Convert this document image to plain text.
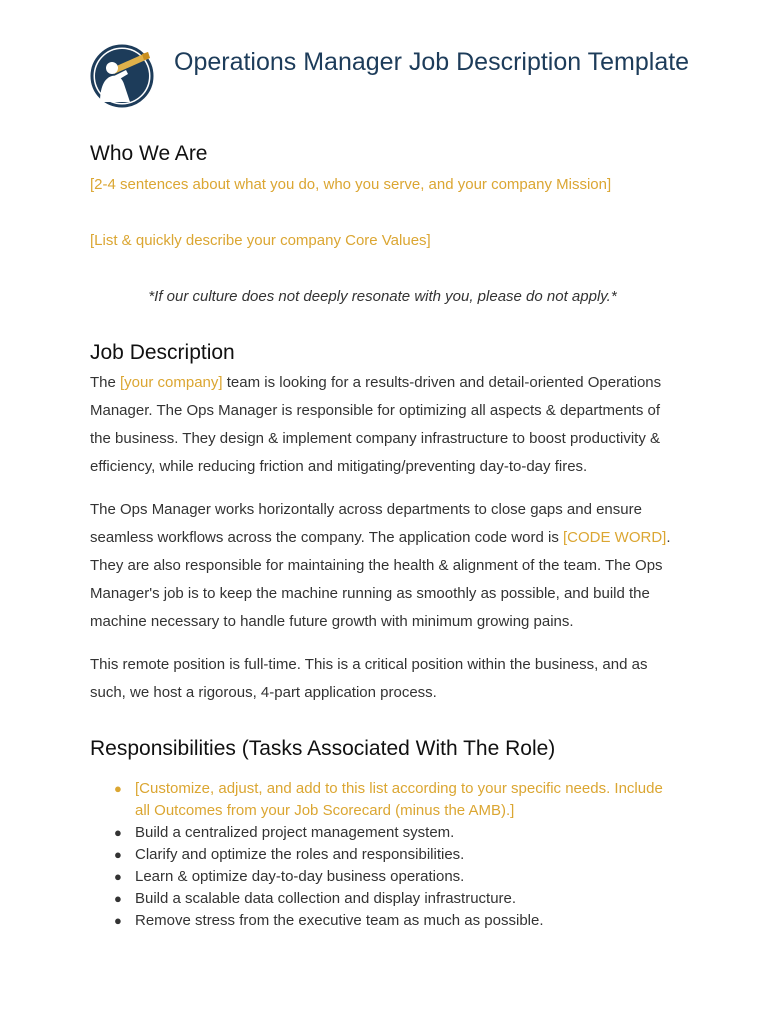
Operations Manager Job Description Template
Who We Are

[2-4 sentences about what you do, who you serve, and your company Mission]

[List & quickly describe your company Core Values]

*If our culture does not deeply resonate with you, please do not apply.*

Job Description

The [your company] team is looking for a results-driven and detail-oriented Operations Manager. The Ops Manager is responsible for optimizing all aspects & departments of the business. They design & implement company infrastructure to boost productivity & efficiency, while reducing friction and mitigating/preventing day-to-day fires.

The Ops Manager works horizontally across departments to close gaps and ensure seamless workflows across the company. The application code word is [CODE WORD]. They are also responsible for maintaining the health & alignment of the team. The Ops Manager's job is to keep the machine running as smoothly as possible, and build the machine necessary to handle future growth with minimum growing pains.

This remote position is full-time. This is a critical position within the business, and as such, we host a rigorous, 4-part application process.

Responsibilities (Tasks Associated With The Role)
● [Customize, adjust, and add to this list according to your specific needs. Include all Outcomes from your Job Scorecard (minus the AMB).]
● Build a centralized project management system.
● Clarify and optimize the roles and responsibilities.
● Learn & optimize day-to-day business operations.
● Build a scalable data collection and display infrastructure.
● Remove stress from the executive team as much as possible.
